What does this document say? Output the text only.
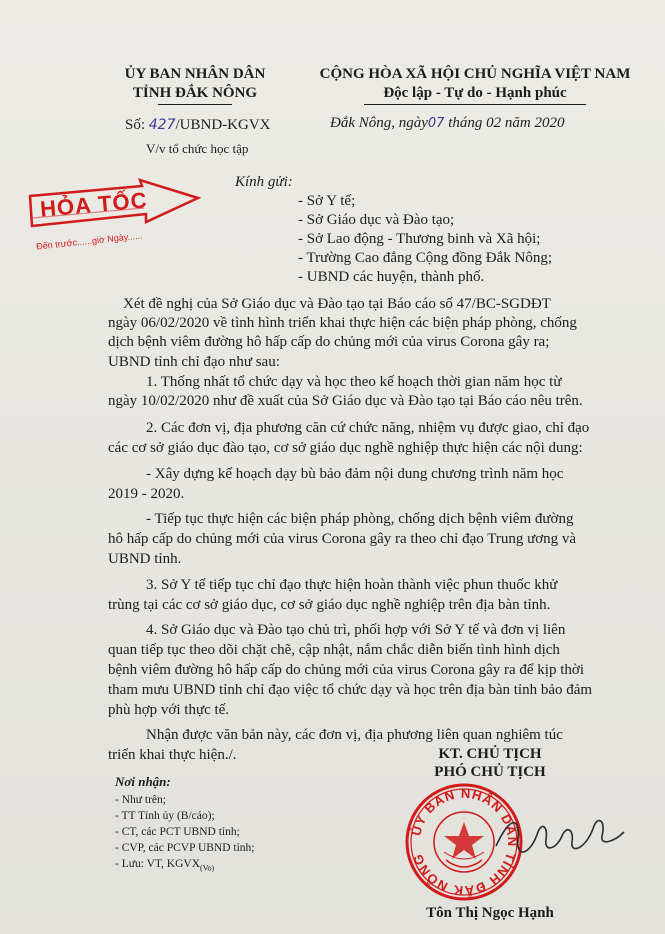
ỦY BAN NHÂN DÂN
TỈNH ĐẮK NÔNG
CỘNG HÒA XÃ HỘI CHỦ NGHĨA VIỆT NAM
Độc lập - Tự do - Hạnh phúc
Số: 427/UBND-KGVX	Đắk Nông, ngày07 tháng 02 năm 2020
V/v tổ chức học tập
HỎA TỐC
Đến trước......giờ Ngày......
Kính gửi:
- Sở Y tế;
- Sở Giáo dục và Đào tạo;
- Sở Lao động - Thương binh và Xã hội;
- Trường Cao đẳng Cộng đồng Đắk Nông;
- UBND các huyện, thành phố.
Xét đề nghị của Sở Giáo dục và Đào tạo tại Báo cáo số 47/BC-SGDĐT
ngày 06/02/2020 về tình hình triển khai thực hiện các biện pháp phòng, chống
dịch bệnh viêm đường hô hấp cấp do chủng mới của virus Corona gây ra;
UBND tỉnh chỉ đạo như sau:
1. Thống nhất tổ chức dạy và học theo kế hoạch thời gian năm học từ
ngày 10/02/2020 như đề xuất của Sở Giáo dục và Đào tạo tại Báo cáo nêu trên.
2. Các đơn vị, địa phương căn cứ chức năng, nhiệm vụ được giao, chỉ đạo
các cơ sở giáo dục đào tạo, cơ sở giáo dục nghề nghiệp thực hiện các nội dung:
- Xây dựng kế hoạch dạy bù bảo đảm nội dung chương trình năm học
2019 - 2020.
- Tiếp tục thực hiện các biện pháp phòng, chống dịch bệnh viêm đường
hô hấp cấp do chủng mới của virus Corona gây ra theo chỉ đạo Trung ương và
UBND tỉnh.
3. Sở Y tế tiếp tục chỉ đạo thực hiện hoàn thành việc phun thuốc khử
trùng tại các cơ sở giáo dục, cơ sở giáo dục nghề nghiệp trên địa bàn tỉnh.
4. Sở Giáo dục và Đào tạo chủ trì, phối hợp với Sở Y tế và đơn vị liên
quan tiếp tục theo dõi chặt chẽ, cập nhật, nắm chắc diễn biến tình hình dịch
bệnh viêm đường hô hấp cấp do chủng mới của virus Corona gây ra để kịp thời
tham mưu UBND tỉnh chỉ đạo việc tổ chức dạy và học trên địa bàn tỉnh bảo đảm
phù hợp với thực tế.
Nhận được văn bản này, các đơn vị, địa phương liên quan nghiêm túc
triển khai thực hiện./.
Nơi nhận:
- Như trên;
- TT Tỉnh ủy (B/cáo);
- CT, các PCT UBND tỉnh;
- CVP, các PCVP UBND tỉnh;
- Lưu: VT, $KGVX_{(Vo)}$
KT. CHỦ TỊCH
PHÓ CHỦ TỊCH
ỦY BAN NHÂN DÂN TỈNH ĐẮK NÔNG
Tôn Thị Ngọc Hạnh
